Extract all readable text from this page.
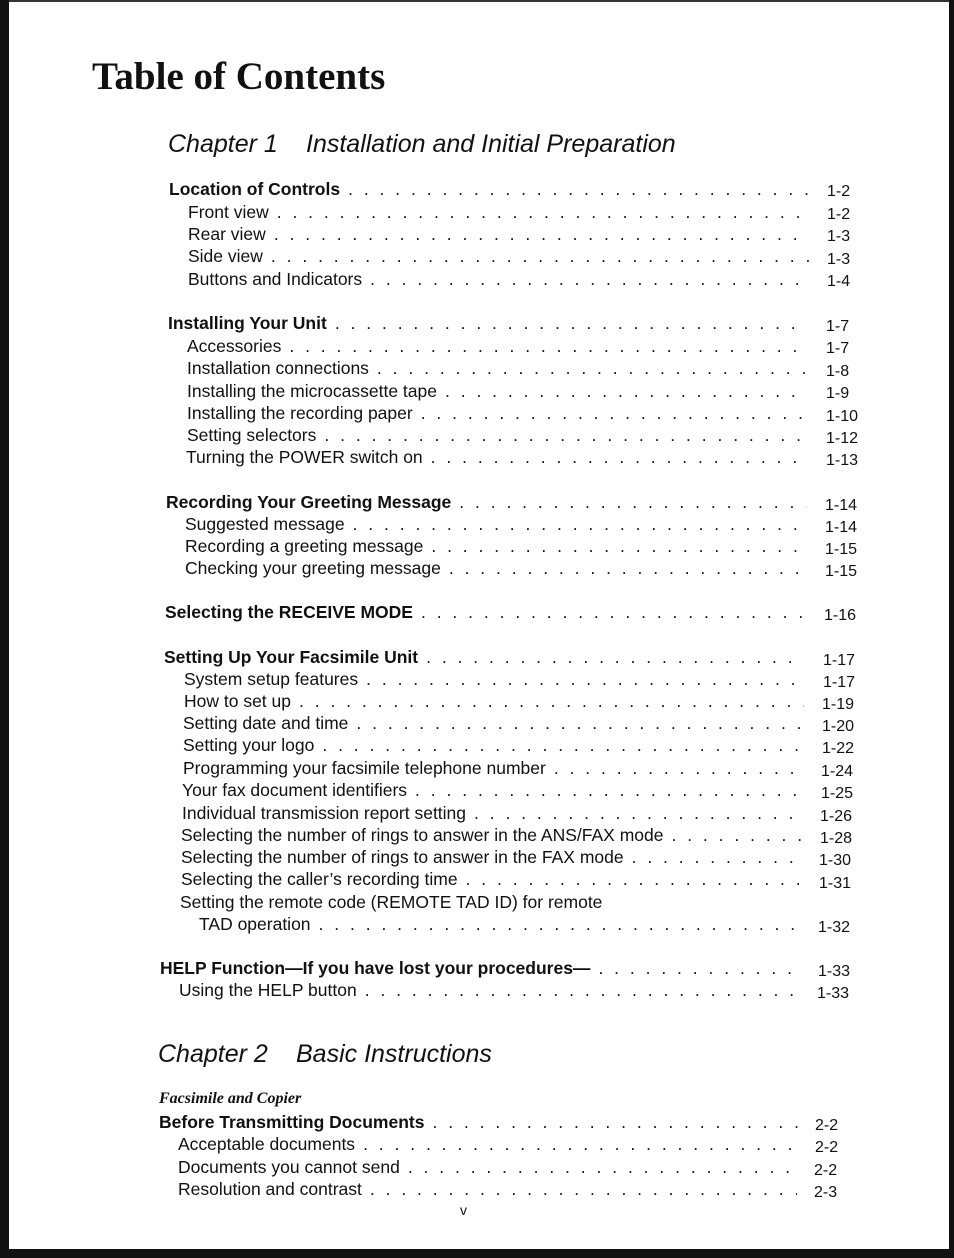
Table of Contents
Chapter 1 Installation and Initial Preparation
Location of Controls . . .	1-2
Front view . . .	1-2
Rear view . . .	1-3
Side view . . .	1-3
Buttons and Indicators . . .	1-4
Installing Your Unit . . .	1-7
Accessories . . .	1-7
Installation connections . . .	1-8
Installing the microcassette tape . . .	1-9
Installing the recording paper . . .	1-10
Setting selectors . . .	1-12
Turning the POWER switch on . . .	1-13
Recording Your Greeting Message . . .	1-14
Suggested message . . .	1-14
Recording a greeting message . . .	1-15
Checking your greeting message . . .	1-15
Selecting the RECEIVE MODE . . .	1-16
Setting Up Your Facsimile Unit . . .	1-17
System setup features . . .	1-17
How to set up . . .	1-19
Setting date and time . . .	1-20
Setting your logo . . .	1-22
Programming your facsimile telephone number . . .	1-24
Your fax document identifiers . . .	1-25
Individual transmission report setting . . .	1-26
Selecting the number of rings to answer in the ANS/FAX mode . . .	1-28
Selecting the number of rings to answer in the FAX mode . . .	1-30
Selecting the caller’s recording time . . .	1-31
Setting the remote code (REMOTE TAD ID) for remote
TAD operation . . .	1-32
HELP Function—If you have lost your procedures— . . .	1-33
Using the HELP button . . .	1-33
Chapter 2 Basic Instructions
Facsimile and Copier
Before Transmitting Documents . . .	2-2
Acceptable documents . . .	2-2
Documents you cannot send . . .	2-2
Resolution and contrast . . .	2-3
v
